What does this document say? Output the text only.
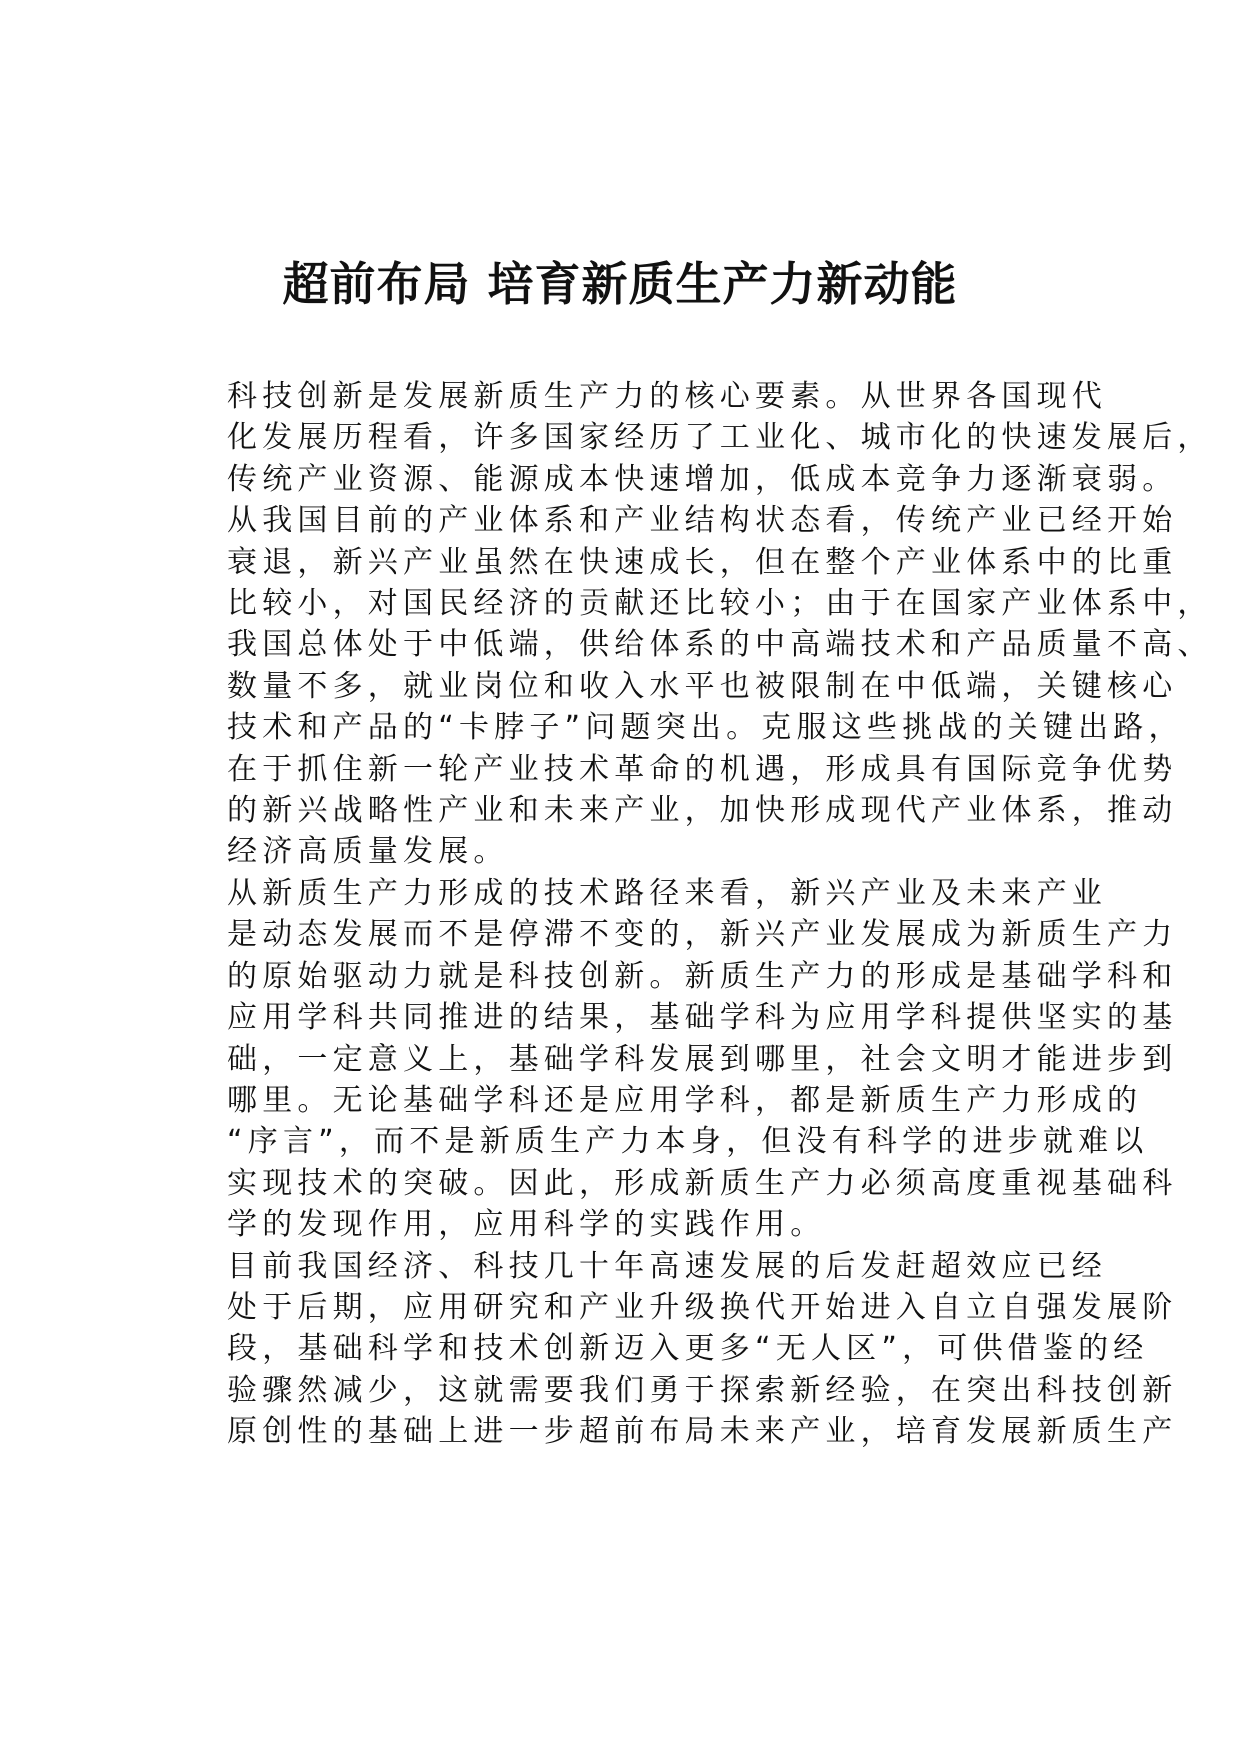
超前布局 培育新质生产力新动能

科技创新是发展新质生产力的核心要素。从世界各国现代
化发展历程看，许多国家经历了工业化、城市化的快速发展后，
传统产业资源、能源成本快速增加，低成本竞争力逐渐衰弱。
从我国目前的产业体系和产业结构状态看，传统产业已经开始
衰退，新兴产业虽然在快速成长，但在整个产业体系中的比重
比较小，对国民经济的贡献还比较小；由于在国家产业体系中，
我国总体处于中低端，供给体系的中高端技术和产品质量不高、
数量不多，就业岗位和收入水平也被限制在中低端，关键核心
技术和产品的“卡脖子”问题突出。克服这些挑战的关键出路，
在于抓住新一轮产业技术革命的机遇，形成具有国际竞争优势
的新兴战略性产业和未来产业，加快形成现代产业体系，推动
经济高质量发展。

从新质生产力形成的技术路径来看，新兴产业及未来产业
是动态发展而不是停滞不变的，新兴产业发展成为新质生产力
的原始驱动力就是科技创新。新质生产力的形成是基础学科和
应用学科共同推进的结果，基础学科为应用学科提供坚实的基
础，一定意义上，基础学科发展到哪里，社会文明才能进步到
哪里。无论基础学科还是应用学科，都是新质生产力形成的
“序言”，而不是新质生产力本身，但没有科学的进步就难以
实现技术的突破。因此，形成新质生产力必须高度重视基础科
学的发现作用，应用科学的实践作用。

目前我国经济、科技几十年高速发展的后发赶超效应已经
处于后期，应用研究和产业升级换代开始进入自立自强发展阶
段，基础科学和技术创新迈入更多“无人区”，可供借鉴的经
验骤然减少，这就需要我们勇于探索新经验，在突出科技创新
原创性的基础上进一步超前布局未来产业，培育发展新质生产
